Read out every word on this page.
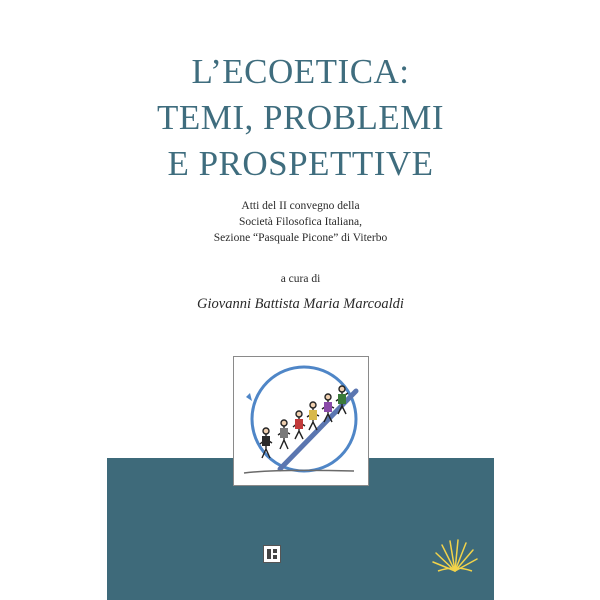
L’ECOETICA:
TEMI, PROBLEMI
E PROSPETTIVE
Atti del II convegno della
Società Filosofica Italiana,
Sezione “Pasquale Picone” di Viterbo
a cura di
Giovanni Battista Maria Marcoaldi
